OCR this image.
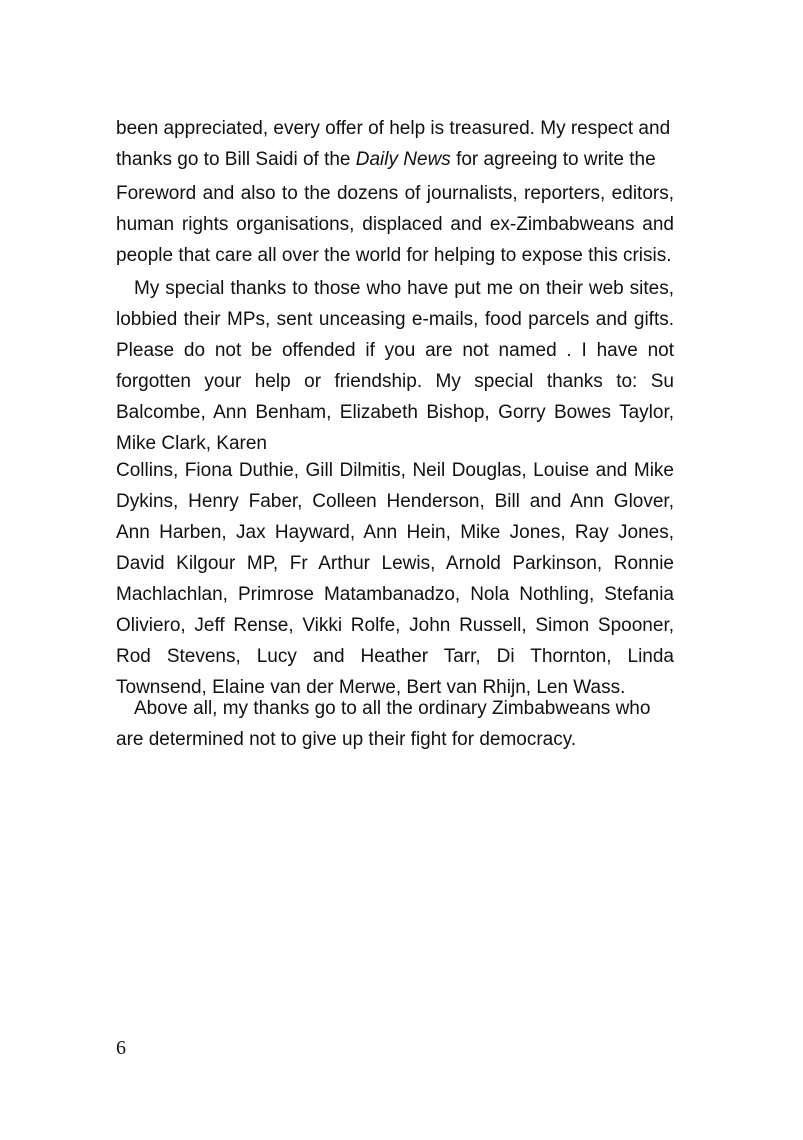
been appreciated, every offer of help is treasured. My respect and thanks go to Bill Saidi of the Daily News for agreeing to write the

Foreword and also to the dozens of journalists, reporters, editors, human rights organisations, displaced and ex-Zimbabweans and people that care all over the world for helping to expose this crisis.

My special thanks to those who have put me on their web sites, lobbied their MPs, sent unceasing e-mails, food parcels and gifts. Please do not be offended if you are not named . I have not forgotten your help or friendship. My special thanks to: Su Balcombe, Ann Benham, Elizabeth Bishop, Gorry Bowes Taylor, Mike Clark, Karen

Collins, Fiona Duthie, Gill Dilmitis, Neil Douglas, Louise and Mike Dykins, Henry Faber, Colleen Henderson, Bill and Ann Glover, Ann Harben, Jax Hayward, Ann Hein, Mike Jones, Ray Jones, David Kilgour MP, Fr Arthur Lewis, Arnold Parkinson, Ronnie Machlachlan, Primrose Matambanadzo, Nola Nothling, Stefania Oliviero, Jeff Rense, Vikki Rolfe, John Russell, Simon Spooner, Rod Stevens, Lucy and Heather Tarr, Di Thornton, Linda Townsend, Elaine van der Merwe, Bert van Rhijn, Len Wass.

Above all, my thanks go to all the ordinary Zimbabweans who are determined not to give up their fight for democracy.

6
